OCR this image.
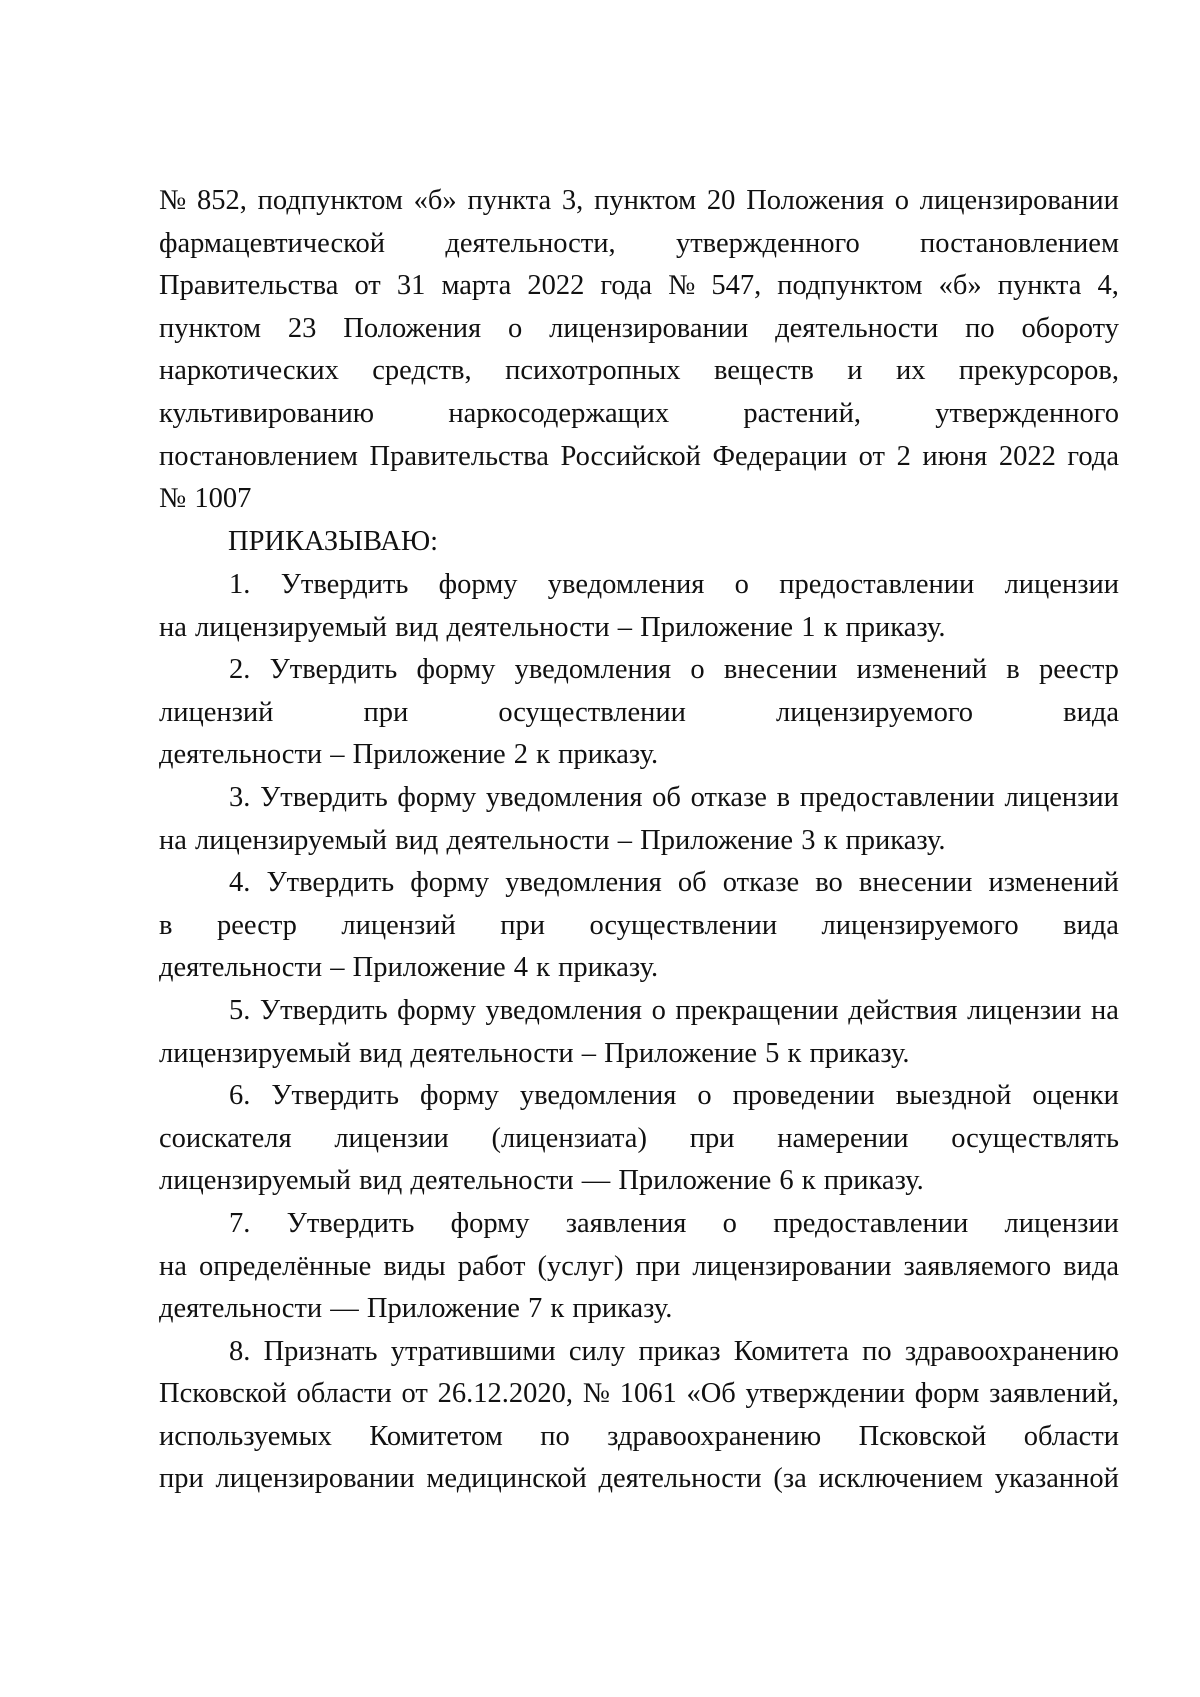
№ 852, подпунктом «б» пункта 3, пунктом 20 Положения о лицензировании
фармацевтической деятельности, утвержденного постановлением
Правительства от 31 марта 2022 года № 547, подпунктом «б» пункта 4,
пунктом 23 Положения о лицензировании деятельности по обороту
наркотических средств, психотропных веществ и их прекурсоров,
культивированию	наркосодержащих	растений,	утвержденного
постановлением Правительства Российской Федерации от 2 июня 2022 года
№ 1007
ПРИКАЗЫВАЮ:
1. Утвердить форму уведомления о предоставлении лицензии
на лицензируемый вид деятельности – Приложение 1 к приказу.
2. Утвердить форму уведомления о внесении изменений в реестр
лицензий	при	осуществлении	лицензируемого	вида
деятельности – Приложение 2 к приказу.
3. Утвердить форму уведомления об отказе в предоставлении лицензии
на лицензируемый вид деятельности – Приложение 3 к приказу.
4. Утвердить форму уведомления об отказе во внесении изменений
в реестр лицензий при осуществлении лицензируемого вида
деятельности – Приложение 4 к приказу.
5. Утвердить форму уведомления о прекращении действия лицензии на
лицензируемый вид деятельности – Приложение 5 к приказу.
6. Утвердить форму уведомления о проведении выездной оценки
соискателя лицензии (лицензиата) при намерении осуществлять
лицензируемый вид деятельности — Приложение 6 к приказу.
7. Утвердить форму заявления о предоставлении лицензии
на определённые виды работ (услуг) при лицензировании заявляемого вида
деятельности — Приложение 7 к приказу.
8. Признать утратившими силу приказ Комитета по здравоохранению
Псковской области от 26.12.2020, № 1061 «Об утверждении форм заявлений,
используемых Комитетом по здравоохранению Псковской области
при лицензировании медицинской деятельности (за исключением указанной
